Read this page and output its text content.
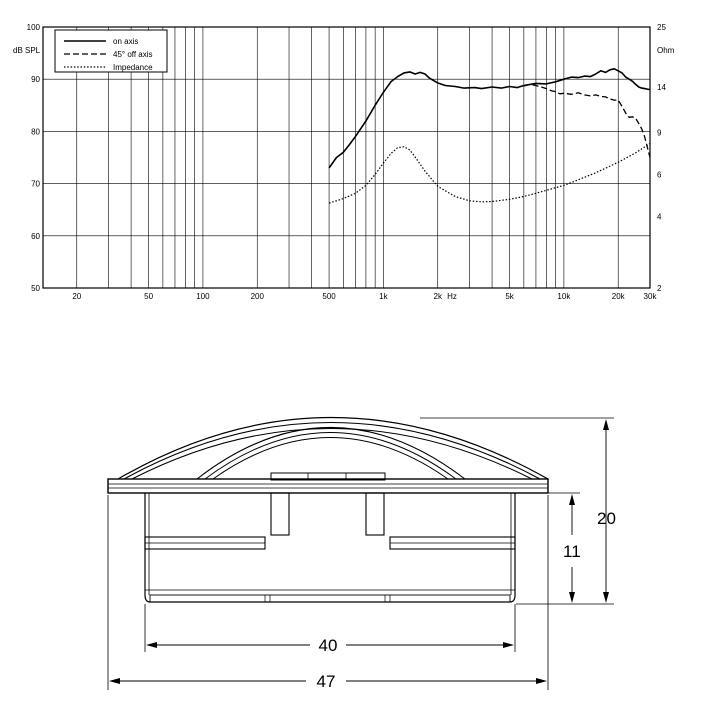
20	50	100	200	500	1k	2k	5k	10k	20k 30k
50
60
70
80
90
100
2
4
6
9
14
25
dB SPL	Ohm
Hz
on axis
45° off axis
Impedance
20
11
40
47
